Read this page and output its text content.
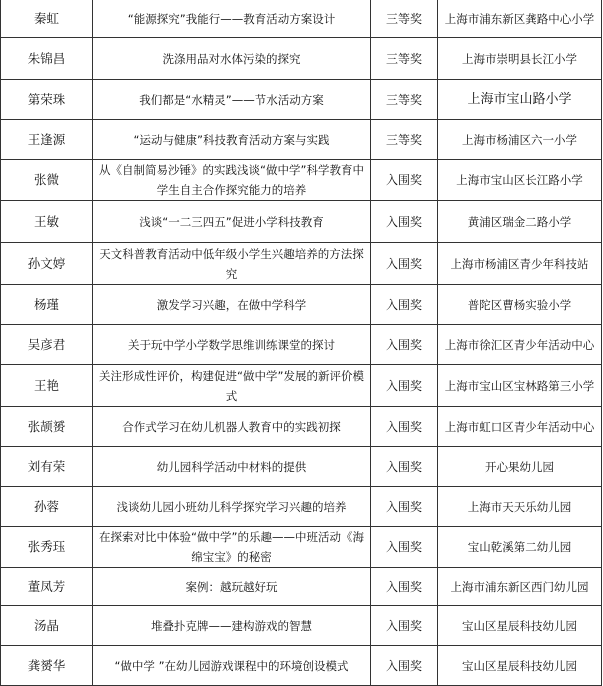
秦虹	“能源探究”我能行——教育活动方案设计	三等奖	上海市浦东新区龚路中心小学
朱锦昌	洗涤用品对水体污染的探究	三等奖	上海市崇明县长江小学
第荣珠	我们都是“水精灵”——节水活动方案	三等奖	上海市宝山路小学
王逢源	“运动与健康”科技教育活动方案与实践	三等奖	上海市杨浦区六一小学
张微	从《自制简易沙锤》的实践浅谈“做中学”科学教育中学生自主合作探究能力的培养	入围奖	上海市宝山区长江路小学
王敏	浅谈“一二三四五”促进小学科技教育	入围奖	黄浦区瑞金二路小学
孙文婷	天文科普教育活动中低年级小学生兴趣培养的方法探究	入围奖	上海市杨浦区青少年科技站
杨瑾	激发学习兴趣，在做中学科学	入围奖	普陀区曹杨实验小学
吴彦君	关于玩中学小学数学思维训练课堂的探讨	入围奖	上海市徐汇区青少年活动中心
王艳	关注形成性评价，构建促进“做中学”发展的新评价模式	入围奖	上海市宝山区宝林路第三小学
张颉赟	合作式学习在幼儿机器人教育中的实践初探	入围奖	上海市虹口区青少年活动中心
刘有荣	幼儿园科学活动中材料的提供	入围奖	开心果幼儿园
孙蓉	浅谈幼儿园小班幼儿科学探究学习兴趣的培养	入围奖	上海市天天乐幼儿园
张秀珏	在探索对比中体验“做中学”的乐趣——中班活动《海绵宝宝》的秘密	入围奖	宝山乾溪第二幼儿园
董凤芳	案例：越玩越好玩	入围奖	上海市浦东新区西门幼儿园
汤晶	堆叠扑克牌——建构游戏的智慧	入围奖	宝山区星辰科技幼儿园
龚赟华	“做中学 ”在幼儿园游戏课程中的环境创设模式	入围奖	宝山区星辰科技幼儿园
